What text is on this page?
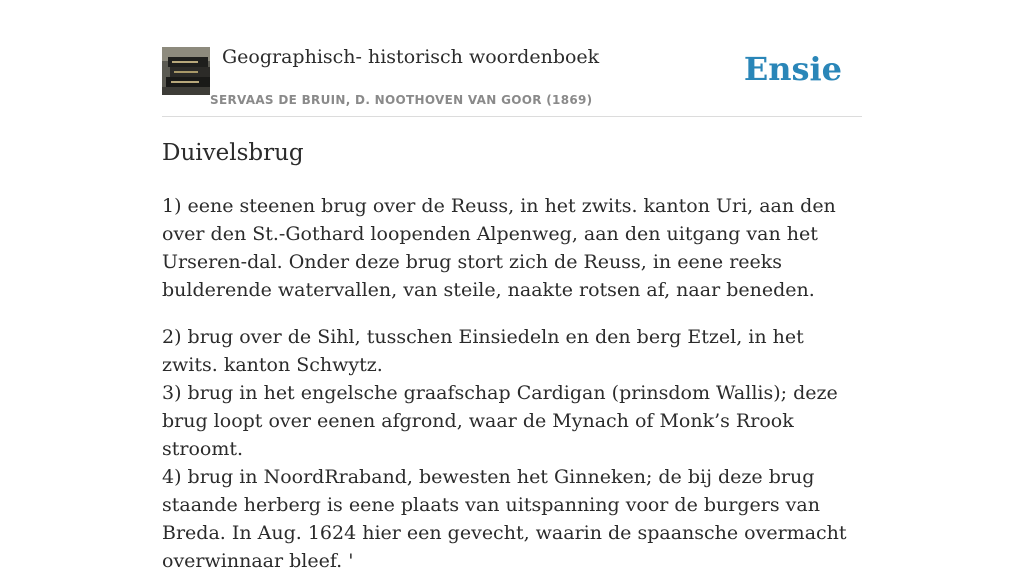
Geographisch- historisch woordenboek
SERVAAS DE BRUIN, D. NOOTHOVEN VAN GOOR (1869)
Ensie
Duivelsbrug

1) eene steenen brug over de Reuss, in het zwits. kanton Uri, aan den over den St.-Gothard loopenden Alpenweg, aan den uitgang van het Urseren-dal. Onder deze brug stort zich de Reuss, in eene reeks bulderende watervallen, van steile, naakte rotsen af, naar beneden.

2) brug over de Sihl, tusschen Einsiedeln en den berg Etzel, in het zwits. kanton Schwytz.

3) brug in het engelsche graafschap Cardigan (prinsdom Wallis); deze brug loopt over eenen afgrond, waar de Mynach of Monk’s Rrook stroomt.

4) brug in NoordRraband, bewesten het Ginneken; de bij deze brug staande herberg is eene plaats van uitspanning voor de burgers van Breda. In Aug. 1624 hier een gevecht, waarin de spaansche overmacht overwinnaar bleef. '
